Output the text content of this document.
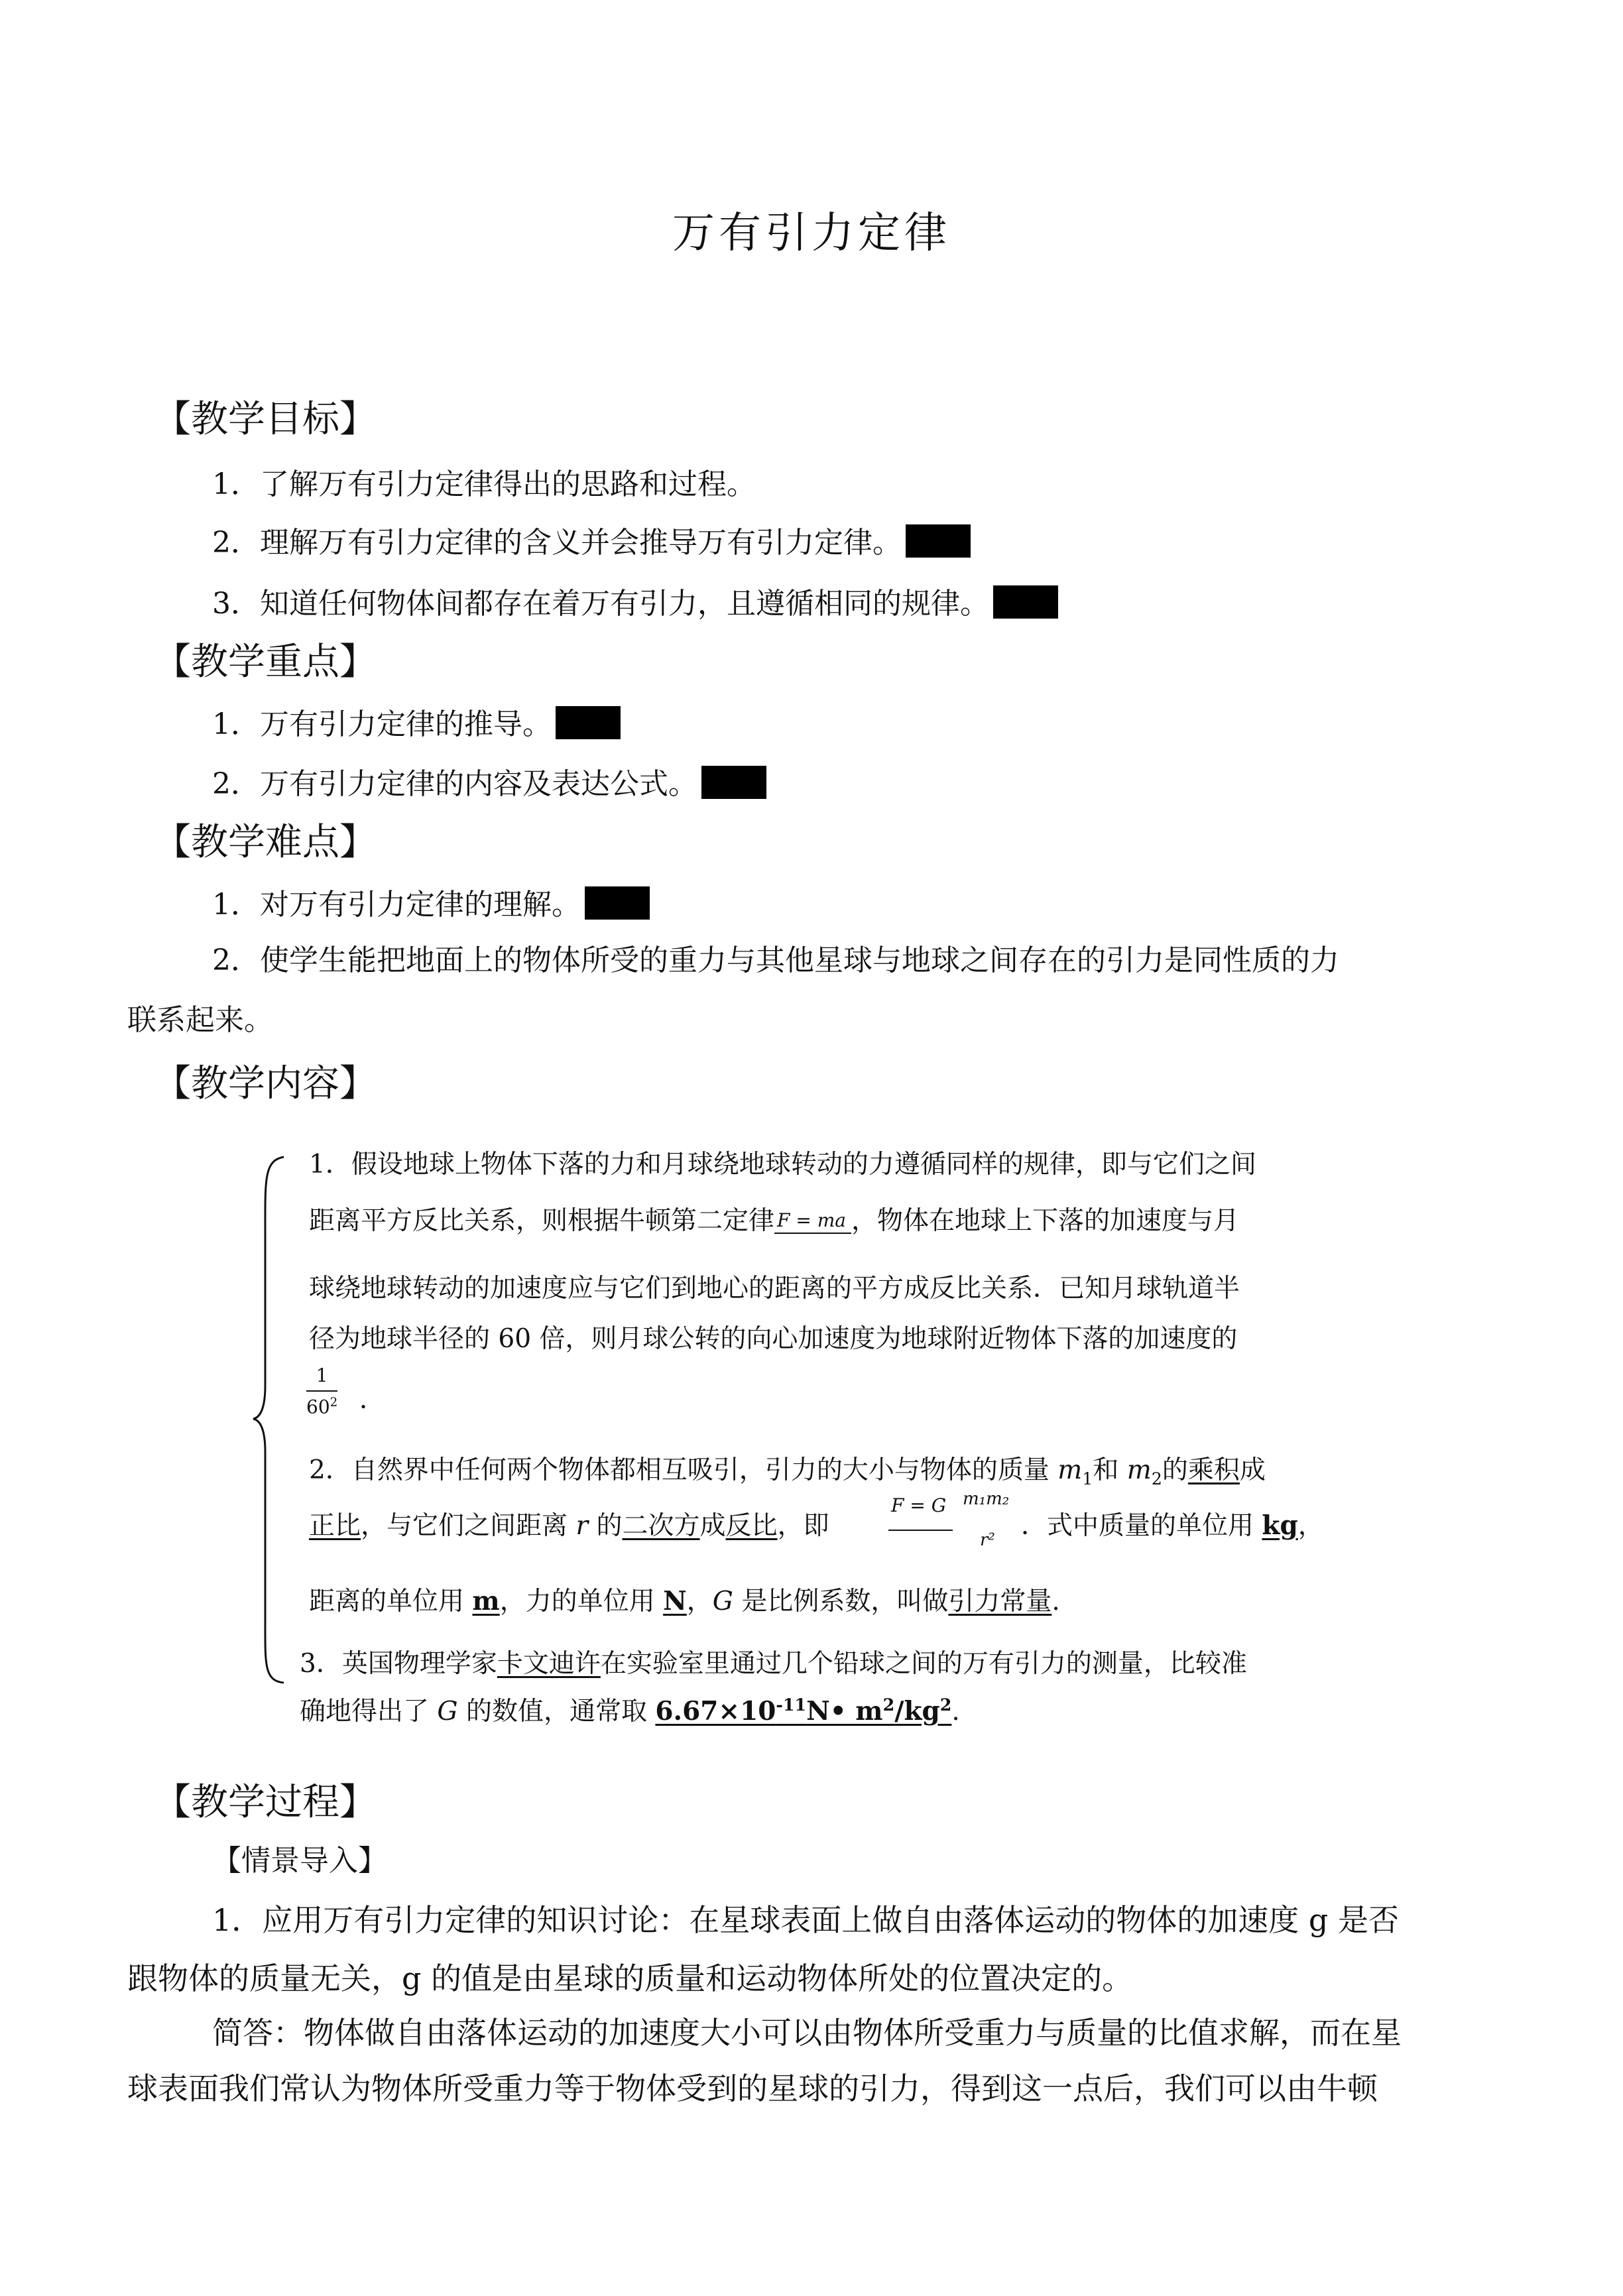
万有引力定律
【教学目标】
1．了解万有引力定律得出的思路和过程。
2．理解万有引力定律的含义并会推导万有引力定律。
3．知道任何物体间都存在着万有引力，且遵循相同的规律。
【教学重点】
1．万有引力定律的推导。
2．万有引力定律的内容及表达公式。
【教学难点】
1．对万有引力定律的理解。
2．使学生能把地面上的物体所受的重力与其他星球与地球之间存在的引力是同性质的力
联系起来。
【教学内容】
1．假设地球上物体下落的力和月球绕地球转动的力遵循同样的规律，即与它们之间
距离平方反比关系，则根据牛顿第二定律 F = ma ，物体在地球上下落的加速度与月
球绕地球转动的加速度应与它们到地心的距离的平方成反比关系．已知月球轨道半
径为地球半径的 60 倍，则月球公转的向心加速度为地球附近物体下落的加速度的
$\frac{1}{60^2}$ ．
2．自然界中任何两个物体都相互吸引，引力的大小与物体的质量 $m_1$和 $m_2$的乘积成
正比，与它们之间距离 r 的二次方成反比，即
F = G m₁m₂
r² ．式中质量的单位用 kg，
距离的单位用 m，力的单位用 N，G 是比例系数，叫做引力常量.
3．英国物理学家卡文迪许在实验室里通过几个铅球之间的万有引力的测量，比较准
确地得出了 G 的数值，通常取 $6.67\times 10^{-11}N•$ $m^2/kg^2$.
【教学过程】
【情景导入】
1．应用万有引力定律的知识讨论：在星球表面上做自由落体运动的物体的加速度 g 是否
跟物体的质量无关，g 的值是由星球的质量和运动物体所处的位置决定的。
简答：物体做自由落体运动的加速度大小可以由物体所受重力与质量的比值求解，而在星
球表面我们常认为物体所受重力等于物体受到的星球的引力，得到这一点后，我们可以由牛顿
